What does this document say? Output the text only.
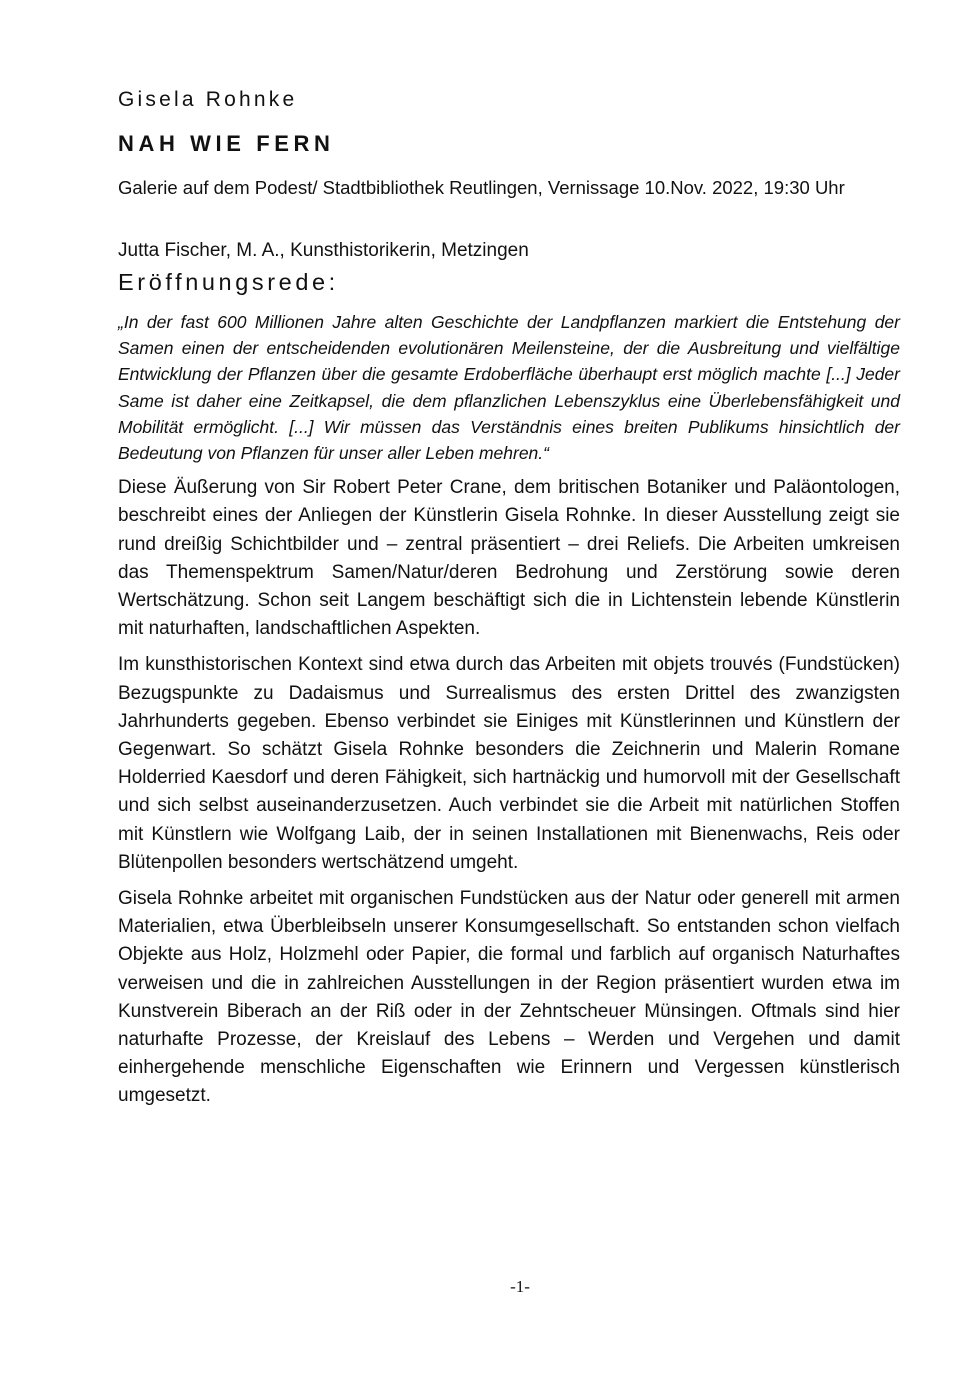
Gisela Rohnke

NAH WIE FERN

Galerie auf dem Podest/ Stadtbibliothek Reutlingen, Vernissage 10.Nov. 2022, 19:30 Uhr

Jutta Fischer, M. A., Kunsthistorikerin, Metzingen

Eröffnungsrede:

„In der fast 600 Millionen Jahre alten Geschichte der Landpflanzen markiert die Entstehung der Samen einen der entscheidenden evolutionären Meilensteine, der die Ausbreitung und vielfältige Entwicklung der Pflanzen über die gesamte Erdoberfläche überhaupt erst möglich machte [...] Jeder Same ist daher eine Zeitkapsel, die dem pflanzlichen Lebenszyklus eine Überlebensfähigkeit und Mobilität ermöglicht. [...] Wir müssen das Verständnis eines breiten Publikums hinsichtlich der Bedeutung von Pflanzen für unser aller Leben mehren.“

Diese Äußerung von Sir Robert Peter Crane, dem britischen Botaniker und Paläontologen, beschreibt eines der Anliegen der Künstlerin Gisela Rohnke. In dieser Ausstellung zeigt sie rund dreißig Schichtbilder und – zentral präsentiert – drei Reliefs. Die Arbeiten umkreisen das Themenspektrum Samen/Natur/deren Bedrohung und Zerstörung sowie deren Wertschätzung. Schon seit Langem beschäftigt sich die in Lichtenstein lebende Künstlerin mit naturhaften, landschaftlichen Aspekten.

Im kunsthistorischen Kontext sind etwa durch das Arbeiten mit objets trouvés (Fundstücken) Bezugspunkte zu Dadaismus und Surrealismus des ersten Drittel des zwanzigsten Jahrhunderts gegeben. Ebenso verbindet sie Einiges mit Künstlerinnen und Künstlern der Gegenwart. So schätzt Gisela Rohnke besonders die Zeichnerin und Malerin Romane Holderried Kaesdorf und deren Fähigkeit, sich hartnäckig und humorvoll mit der Gesellschaft und sich selbst auseinanderzusetzen. Auch verbindet sie die Arbeit mit natürlichen Stoffen mit Künstlern wie Wolfgang Laib, der in seinen Installationen mit Bienenwachs, Reis oder Blütenpollen besonders wertschätzend umgeht.

Gisela Rohnke arbeitet mit organischen Fundstücken aus der Natur oder generell mit armen Materialien, etwa Überbleibseln unserer Konsumgesellschaft. So entstanden schon vielfach Objekte aus Holz, Holzmehl oder Papier, die formal und farblich auf organisch Naturhaftes verweisen und die in zahlreichen Ausstellungen in der Region präsentiert wurden etwa im Kunstverein Biberach an der Riß oder in der Zehntscheuer Münsingen. Oftmals sind hier naturhafte Prozesse, der Kreislauf des Lebens – Werden und Vergehen und damit einhergehende menschliche Eigenschaften wie Erinnern und Vergessen künstlerisch umgesetzt.

-1-
